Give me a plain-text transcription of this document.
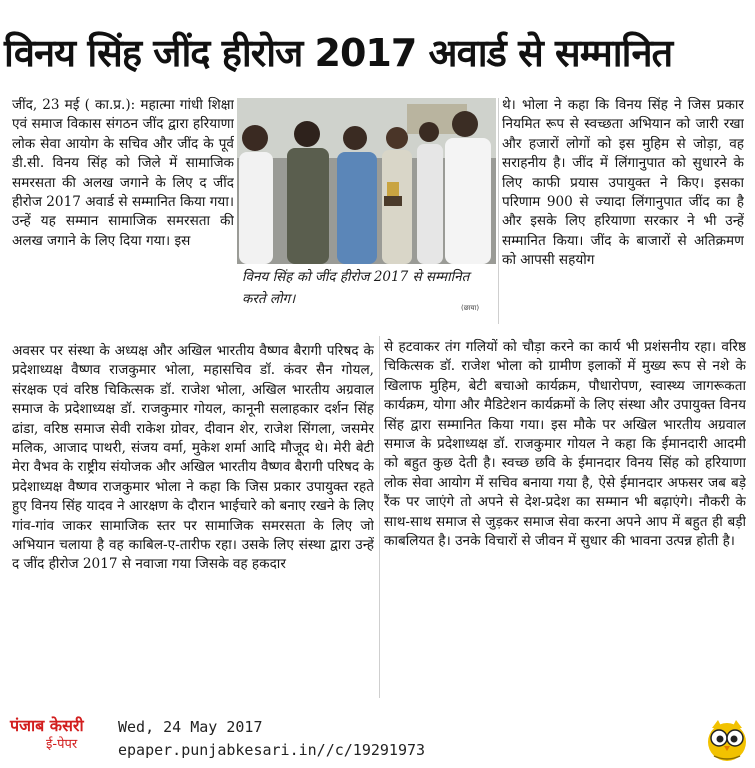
विनय सिंह जींद हीरोज 2017 अवार्ड से सम्मानित
जींद, 23 मई ( का.प्र.): महात्मा गांधी शिक्षा एवं समाज विकास संगठन जींद द्वारा हरियाणा लोक सेवा आयोग के सचिव और जींद के पूर्व डी.सी. विनय सिंह को जिले में सामाजिक समरसता की अलख जगाने के लिए द जींद हीरोज 2017 अवार्ड से सम्मानित किया गया। उन्हें यह सम्मान सामाजिक समरसता की अलख जगाने के लिए दिया गया। इस
अवसर पर संस्था के अध्यक्ष और अखिल भारतीय वैष्णव बैरागी परिषद के प्रदेशाध्यक्ष वैष्णव राजकुमार भोला, महासचिव डॉ. कंवर सैन गोयल, संरक्षक एवं वरिष्ठ चिकित्सक डॉ. राजेश भोला, अखिल भारतीय अग्रवाल समाज के प्रदेशाध्यक्ष डॉ. राजकुमार गोयल, कानूनी सलाहकार दर्शन सिंह ढांडा, वरिष्ठ समाज सेवी राकेश ग्रोवर, दीवान शेर, राजेश सिंगला, जसमेर मलिक, आजाद पाथरी, संजय वर्मा, मुकेश शर्मा आदि मौजूद थे। मेरी बेटी मेरा वैभव के राष्ट्रीय संयोजक और अखिल भारतीय वैष्णव बैरागी परिषद के प्रदेशाध्यक्ष वैष्णव राजकुमार भोला ने कहा कि जिस प्रकार उपायुक्त रहते हुए विनय सिंह यादव ने आरक्षण के दौरान भाईचारे को बनाए रखने के लिए गांव-गांव जाकर सामाजिक स्तर पर सामाजिक समरसता के लिए जो अभियान चलाया है वह काबिल-ए-तारीफ रहा। उसके लिए संस्था द्वारा उन्हें द जींद हीरोज 2017 से नवाजा गया जिसके वह हकदार
थे। भोला ने कहा कि विनय सिंह ने जिस प्रकार नियमित रूप से स्वच्छता अभियान को जारी रखा और हजारों लोगों को इस मुहिम से जोड़ा, वह सराहनीय है। जींद में लिंगानुपात को सुधारने के लिए काफी प्रयास उपायुक्त ने किए। इसका परिणाम 900 से ज्यादा लिंगानुपात जींद का है और इसके लिए हरियाणा सरकार ने भी उन्हें सम्मानित किया। जींद के बाजारों से अतिक्रमण को आपसी सहयोग
से हटवाकर तंग गलियों को चौड़ा करने का कार्य भी प्रशंसनीय रहा। वरिष्ठ चिकित्सक डॉ. राजेश भोला को ग्रामीण इलाकों में मुख्य रूप से नशे के खिलाफ मुहिम, बेटी बचाओ कार्यक्रम, पौधारोपण, स्वास्थ्य जागरूकता कार्यक्रम, योगा और मैडिटेशन कार्यक्रमों के लिए संस्था और उपायुक्त विनय सिंह द्वारा सम्मानित किया गया। इस मौके पर अखिल भारतीय अग्रवाल समाज के प्रदेशाध्यक्ष डॉ. राजकुमार गोयल ने कहा कि ईमानदारी आदमी को बहुत कुछ देती है। स्वच्छ छवि के ईमानदार विनय सिंह को हरियाणा लोक सेवा आयोग में सचिव बनाया गया है, ऐसे ईमानदार अफसर जब बड़े रैंक पर जाएंगे तो अपने से देश-प्रदेश का सम्मान भी बढ़ाएंगे। नौकरी के साथ-साथ समाज से जुड़कर समाज सेवा करना अपने आप में बहुत ही बड़ी काबलियत है। उनके विचारों से जीवन में सुधार की भावना उत्पन्न होती है।
विनय सिंह को जींद हीरोज 2017 से सम्मानित करते लोग।
(छाया)
पंजाब केसरी
ई-पेपर
Wed, 24 May 2017
epaper.punjabkesari.in//c/19291973
